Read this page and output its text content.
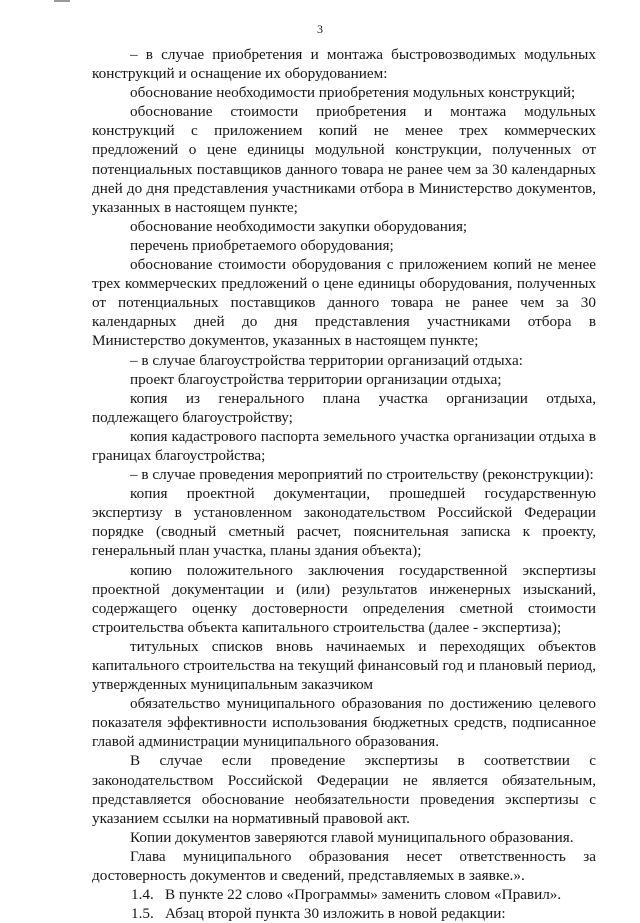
3

– в случае приобретения и монтажа быстровозводимых модульных конструкций и оснащение их оборудованием:

обоснование необходимости приобретения модульных конструкций;

обоснование стоимости приобретения и монтажа модульных конструкций с приложением копий не менее трех коммерческих предложений о цене единицы модульной конструкции, полученных от потенциальных поставщиков данного товара не ранее чем за 30 календарных дней до дня представления участниками отбора в Министерство документов, указанных в настоящем пункте;

обоснование необходимости закупки оборудования;

перечень приобретаемого оборудования;

обоснование стоимости оборудования с приложением копий не менее трех коммерческих предложений о цене единицы оборудования, полученных от потенциальных поставщиков данного товара не ранее чем за 30 календарных дней до дня представления участниками отбора в Министерство документов, указанных в настоящем пункте;

– в случае благоустройства территории организаций отдыха:

проект благоустройства территории организации отдыха;

копия из генерального плана участка организации отдыха, подлежащего благоустройству;

копия кадастрового паспорта земельного участка организации отдыха в границах благоустройства;

– в случае проведения мероприятий по строительству (реконструкции):

копия проектной документации, прошедшей государственную экспертизу в установленном законодательством Российской Федерации порядке (сводный сметный расчет, пояснительная записка к проекту, генеральный план участка, планы здания объекта);

копию положительного заключения государственной экспертизы проектной документации и (или) результатов инженерных изысканий, содержащего оценку достоверности определения сметной стоимости строительства объекта капитального строительства (далее - экспертиза);

титульных списков вновь начинаемых и переходящих объектов капитального строительства на текущий финансовый год и плановый период, утвержденных муниципальным заказчиком

обязательство муниципального образования по достижению целевого показателя эффективности использования бюджетных средств, подписанное главой администрации муниципального образования.

В случае если проведение экспертизы в соответствии с законодательством Российской Федерации не является обязательным, представляется обоснование необязательности проведения экспертизы с указанием ссылки на нормативный правовой акт.

Копии документов заверяются главой муниципального образования.

Глава муниципального образования несет ответственность за достоверность документов и сведений, представляемых в заявке.».

1.4. В пункте 22 слово «Программы» заменить словом «Правил».
1.5. Абзац второй пункта 30 изложить в новой редакции:
